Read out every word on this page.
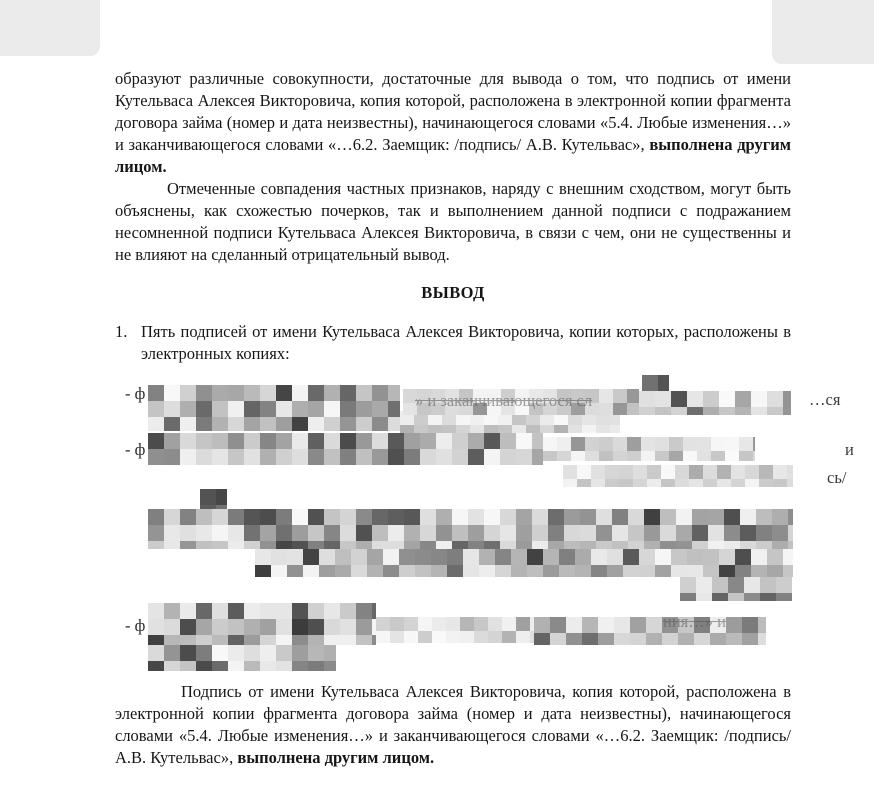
образуют различные совокупности, достаточные для вывода о том, что подпись от имени Кутельваса Алексея Викторовича, копия которой, расположена в электронной копии фрагмента договора займа (номер и дата неизвестны), начинающегося словами «5.4. Любые изменения…» и заканчивающегося словами «…6.2. Заемщик: /подпись/ А.В. Кутельвас», выполнена другим лицом.

Отмеченные совпадения частных признаков, наряду с внешним сходством, могут быть объяснены, как схожестью почерков, так и выполнением данной подписи с подражанием несомненной подписи Кутельваса Алексея Викторовича, в связи с чем, они не существенны и не влияют на сделанный отрицательный вывод.

ВЫВОД
1. Пять подписей от имени Кутельваса Алексея Викторовича, копии которых, расположены в электронных копиях:
- ф	» и заканчивающегося сл	…ся
- ф	и
сь/
- ф	ния…» и

Подпись от имени Кутельваса Алексея Викторовича, копия которой, расположена в электронной копии фрагмента договора займа (номер и дата неизвестны), начинающегося словами «5.4. Любые изменения…» и заканчивающегося словами «…6.2. Заемщик: /подпись/ А.В. Кутельвас», выполнена другим лицом.
